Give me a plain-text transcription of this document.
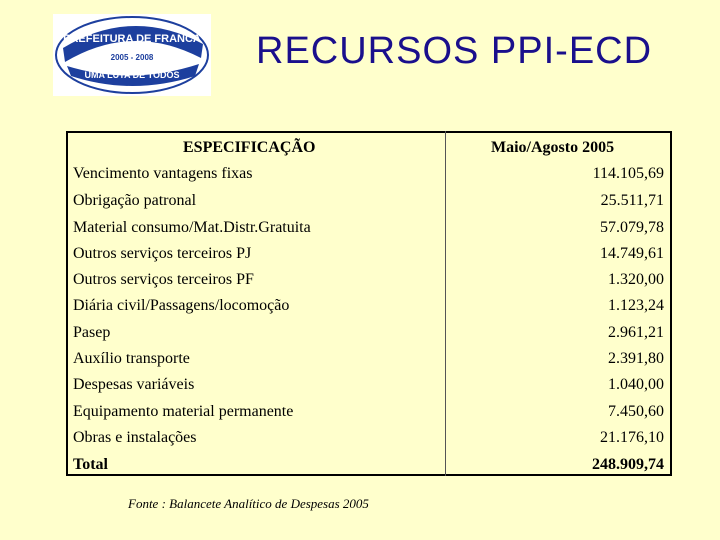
PREFEITURA DE FRANCA
2005 - 2008
UMA LUTA DE TODOS
RECURSOS PPI-ECD
ESPECIFICAÇÃO	Maio/Agosto 2005
Vencimento vantagens fixas	114.105,69
Obrigação patronal	25.511,71
Material consumo/Mat.Distr.Gratuita	57.079,78
Outros serviços terceiros PJ	14.749,61
Outros serviços terceiros PF	1.320,00
Diária civil/Passagens/locomoção	1.123,24
Pasep	2.961,21
Auxílio transporte	2.391,80
Despesas variáveis	1.040,00
Equipamento material permanente	7.450,60
Obras e instalações	21.176,10
Total	248.909,74
Fonte : Balancete Analítico de Despesas 2005
